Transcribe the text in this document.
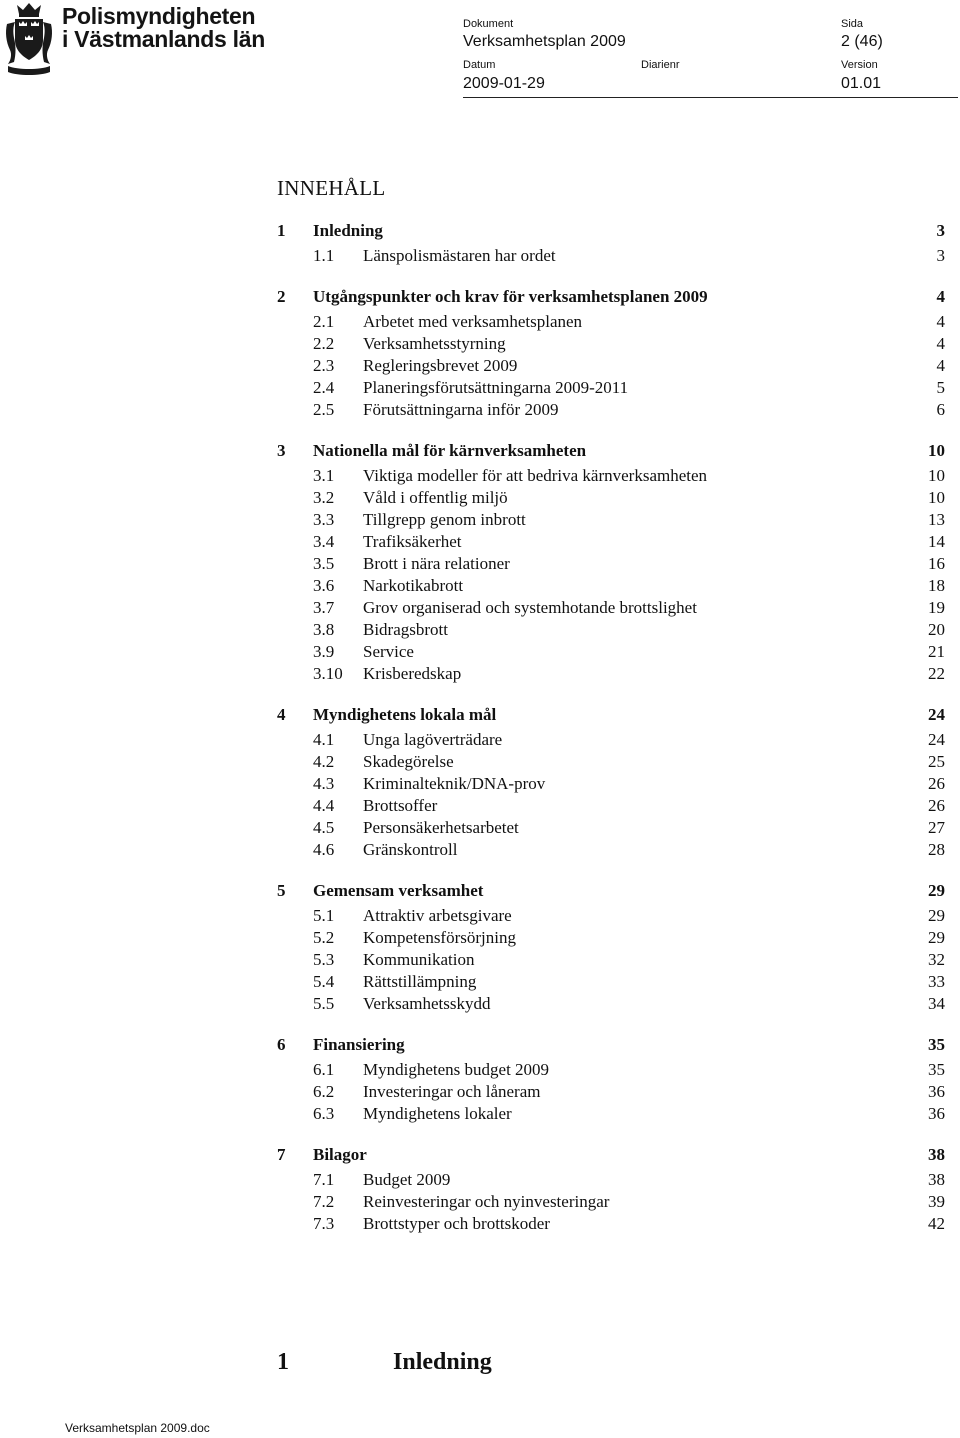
Polismyndigheten
i Västmanlands län
Dokument
Verksamhetsplan 2009
Sida
2 (46)
Datum
2009-01-29
Diarienr	Version
01.01
INNEHÅLL
1 Inledning	3
1.1 Länspolismästaren har ordet	3
2 Utgångspunkter och krav för verksamhetsplanen 2009	4
2.1 Arbetet med verksamhetsplanen	4
2.2 Verksamhetsstyrning	4
2.3 Regleringsbrevet 2009	4
2.4 Planeringsförutsättningarna 2009-2011	5
2.5 Förutsättningarna inför 2009	6
3 Nationella mål för kärnverksamheten	10
3.1 Viktiga modeller för att bedriva kärnverksamheten	10
3.2 Våld i offentlig miljö	10
3.3 Tillgrepp genom inbrott	13
3.4 Trafiksäkerhet	14
3.5 Brott i nära relationer	16
3.6 Narkotikabrott	18
3.7 Grov organiserad och systemhotande brottslighet	19
3.8 Bidragsbrott	20
3.9 Service	21
3.10 Krisberedskap	22
4 Myndighetens lokala mål	24
4.1 Unga lagöverträdare	24
4.2 Skadegörelse	25
4.3 Kriminalteknik/DNA-prov	26
4.4 Brottsoffer	26
4.5 Personsäkerhetsarbetet	27
4.6 Gränskontroll	28
5 Gemensam verksamhet	29
5.1 Attraktiv arbetsgivare	29
5.2 Kompetensförsörjning	29
5.3 Kommunikation	32
5.4 Rättstillämpning	33
5.5 Verksamhetsskydd	34
6 Finansiering	35
6.1 Myndighetens budget 2009	35
6.2 Investeringar och låneram	36
6.3 Myndighetens lokaler	36
7 Bilagor	38
7.1 Budget 2009	38
7.2 Reinvesteringar och nyinvesteringar	39
7.3 Brottstyper och brottskoder	42
1	Inledning
Verksamhetsplan 2009.doc
